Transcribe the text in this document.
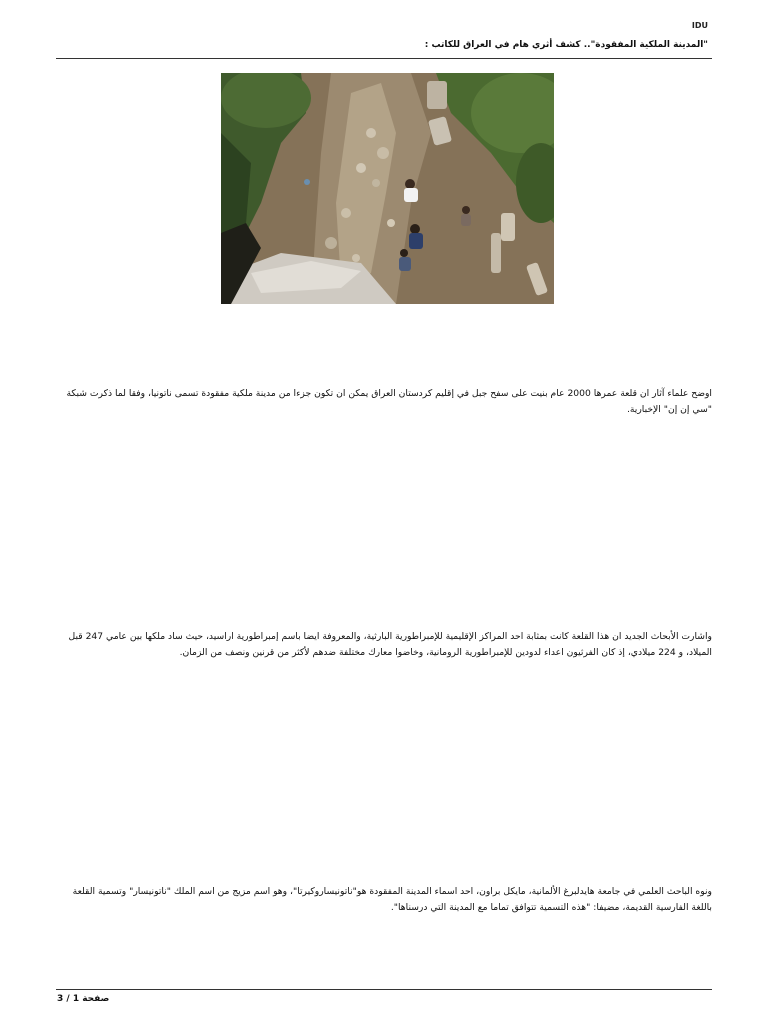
IDU
"المدينة الملكية المفقودة".. كشف أثري هام في العراق للكاتب :
اوضح علماء آثار ان قلعة عمرها 2000 عام بنيت على سفح جبل في إقليم كردستان العراق يمكن ان تكون جزءا من مدينة ملكية مفقودة تسمى ناتونيا، وفقا لما ذكرت شبكة "سي إن إن" الإخبارية.
واشارت الأبحاث الجديد ان هذا القلعة كانت بمثابة احد المراكز الإقليمية للإمبراطورية البارثية، والمعروفة ايضا باسم إمبراطورية اراسيد، حيث ساد ملكها بين عامي 247 قبل الميلاد، و 224 ميلادي، إذ كان الفرثيون اعداء لدودين للإمبراطورية الرومانية، وخاضوا معارك مختلفة ضدهم لأكثر من قرنين ونصف من الزمان.
ونوه الباحث العلمي في جامعة هايدلبرغ الألمانية، مايكل براون، احد اسماء المدينة المفقودة هو"ناتونيساروكيرتا"، وهو اسم مزيج من اسم الملك "ناتونيسار" وتسمية القلعة باللغة الفارسية القديمة، مضيفا: "هذه التسمية تتوافق تماما مع المدينة التي درسناها".
صفحة 1 / 3
